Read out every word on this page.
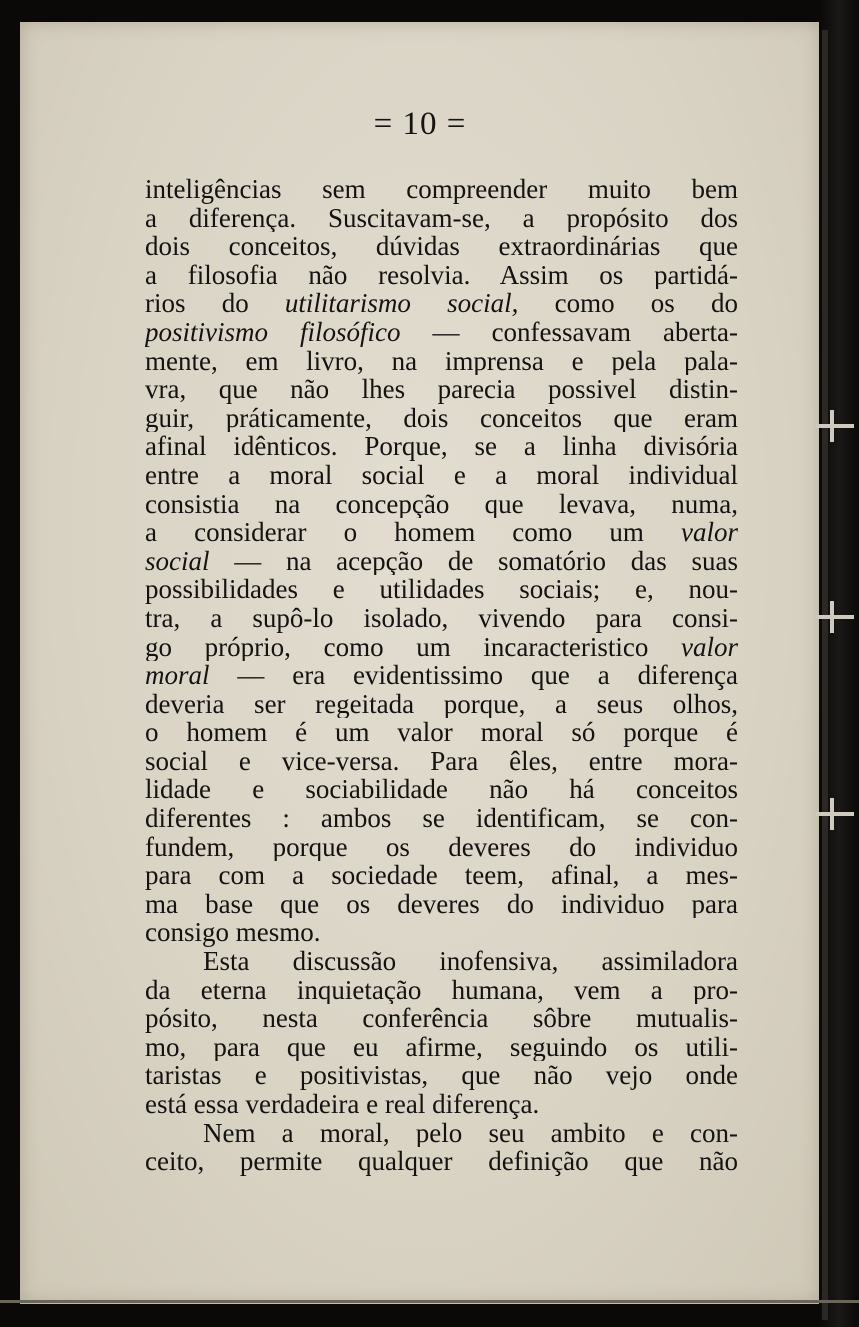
= 10 =
inteligências sem compreender muito bem
a diferença. Suscitavam-se, a propósito dos
dois conceitos, dúvidas extraordinárias que
a filosofia não resolvia. Assim os partidá-
rios do utilitarismo social, como os do
positivismo filosófico — confessavam aberta-
mente, em livro, na imprensa e pela pala-
vra, que não lhes parecia possivel distin-
guir, práticamente, dois conceitos que eram
afinal idênticos. Porque, se a linha divisória
entre a moral social e a moral individual
consistia na concepção que levava, numa,
a considerar o homem como um valor
social — na acepção de somatório das suas
possibilidades e utilidades sociais; e, nou-
tra, a supô-lo isolado, vivendo para consi-
go próprio, como um incaracteristico valor
moral — era evidentissimo que a diferença
deveria ser regeitada porque, a seus olhos,
o homem é um valor moral só porque é
social e vice-versa. Para êles, entre mora-
lidade e sociabilidade não há conceitos
diferentes : ambos se identificam, se con-
fundem, porque os deveres do individuo
para com a sociedade teem, afinal, a mes-
ma base que os deveres do individuo para
consigo mesmo.
Esta discussão inofensiva, assimiladora
da eterna inquietação humana, vem a pro-
pósito, nesta conferência sôbre mutualis-
mo, para que eu afirme, seguindo os utili-
taristas e positivistas, que não vejo onde
está essa verdadeira e real diferença.
Nem a moral, pelo seu ambito e con-
ceito, permite qualquer definição que não
